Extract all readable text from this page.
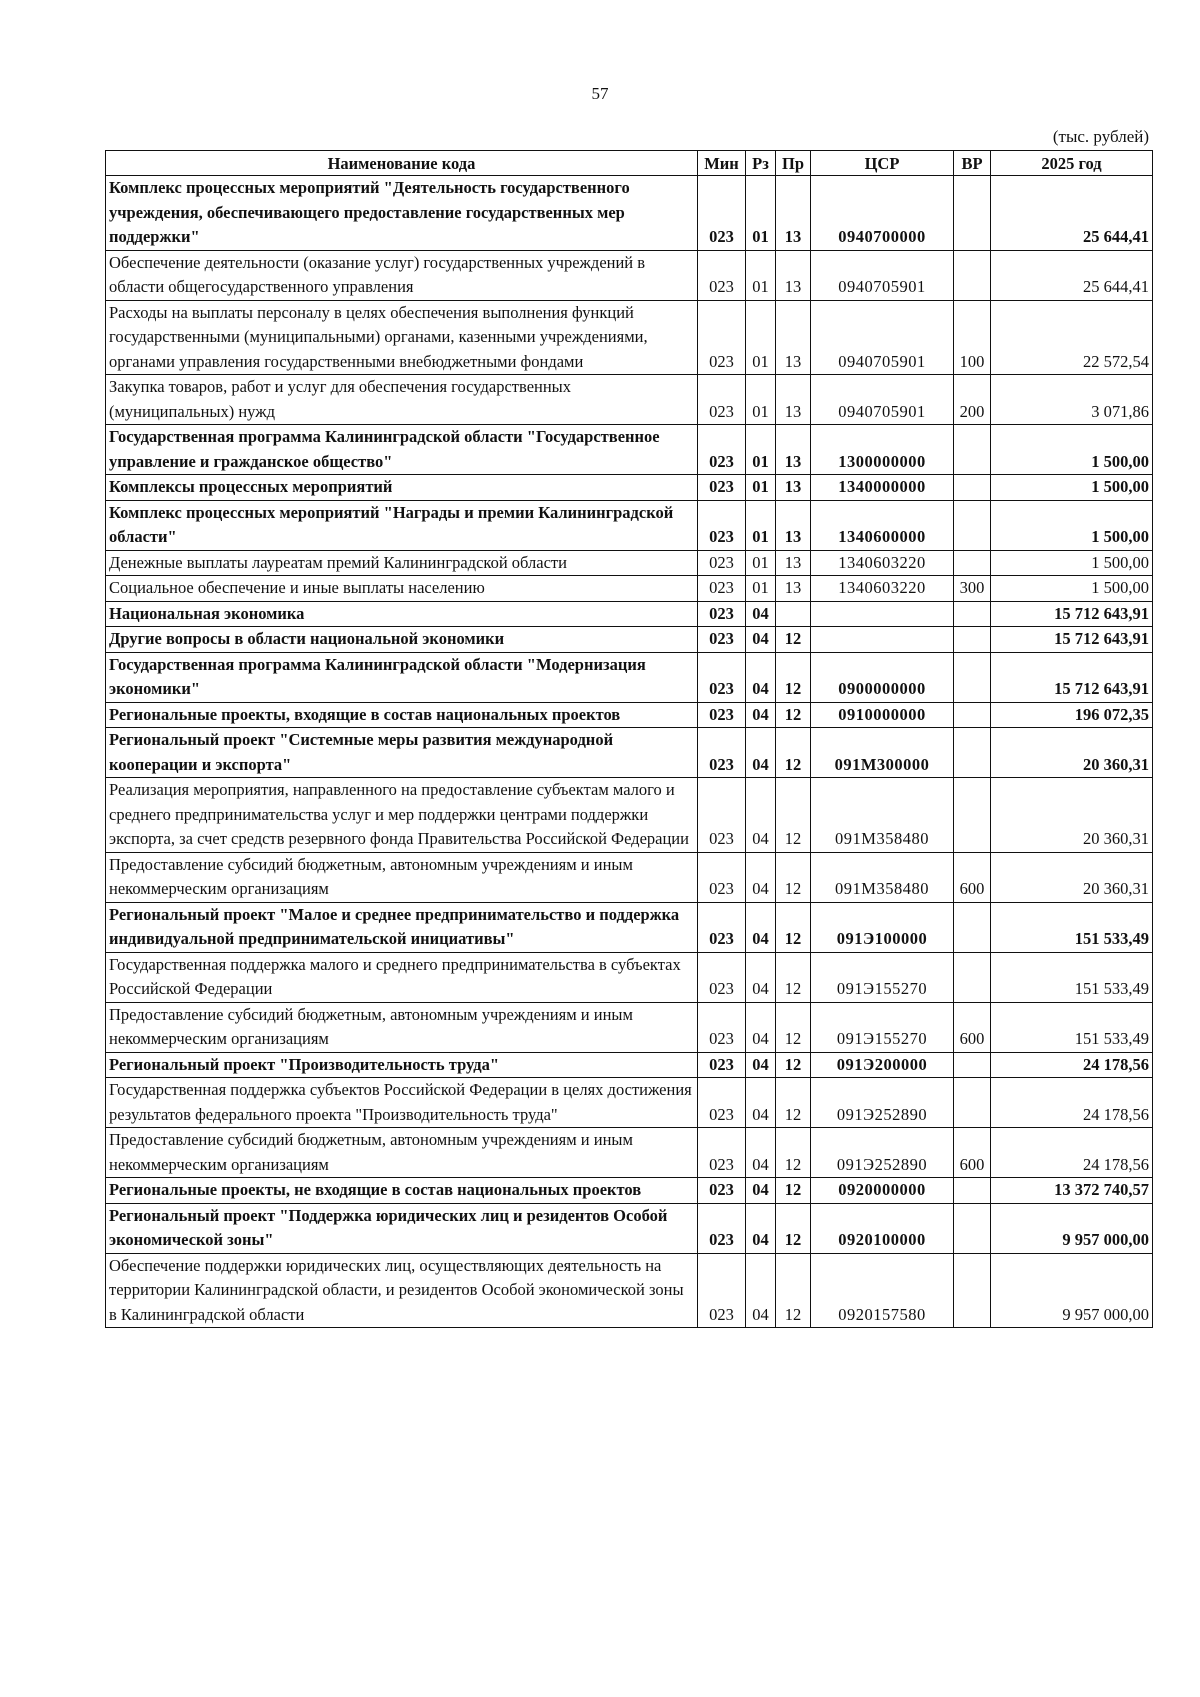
57
(тыс. рублей)
Наименование кода	Мин	Рз	Пр	ЦСР	ВР	2025 год
Комплекс процессных мероприятий "Деятельность государственного учреждения, обеспечивающего предоставление государственных мер поддержки"	023	01	13	0940700000		25 644,41
Обеспечение деятельности (оказание услуг) государственных учреждений в области общегосударственного управления	023	01	13	0940705901		25 644,41
Расходы на выплаты персоналу в целях обеспечения выполнения функций государственными (муниципальными) органами, казенными учреждениями, органами управления государственными внебюджетными фондами	023	01	13	0940705901	100	22 572,54
Закупка товаров, работ и услуг для обеспечения государственных (муниципальных) нужд	023	01	13	0940705901	200	3 071,86
Государственная программа Калининградской области "Государственное управление и гражданское общество"	023	01	13	1300000000		1 500,00
Комплексы процессных мероприятий	023	01	13	1340000000		1 500,00
Комплекс процессных мероприятий "Награды и премии Калининградской области"	023	01	13	1340600000		1 500,00
Денежные выплаты лауреатам премий Калининградской области	023	01	13	1340603220		1 500,00
Социальное обеспечение и иные выплаты населению	023	01	13	1340603220	300	1 500,00
Национальная экономика	023	04				15 712 643,91
Другие вопросы в области национальной экономики	023	04	12			15 712 643,91
Государственная программа Калининградской области "Модернизация экономики"	023	04	12	0900000000		15 712 643,91
Региональные проекты, входящие в состав национальных проектов	023	04	12	0910000000		196 072,35
Региональный проект "Системные меры развития международной кооперации и экспорта"	023	04	12	091М300000		20 360,31
Реализация мероприятия, направленного на предоставление субъектам малого и среднего предпринимательства услуг и мер поддержки центрами поддержки экспорта, за счет средств резервного фонда Правительства Российской Федерации	023	04	12	091М358480		20 360,31
Предоставление субсидий бюджетным, автономным учреждениям и иным некоммерческим организациям	023	04	12	091М358480	600	20 360,31
Региональный проект "Малое и среднее предпринимательство и поддержка индивидуальной предпринимательской инициативы"	023	04	12	091Э100000		151 533,49
Государственная поддержка малого и среднего предпринимательства в субъектах Российской Федерации	023	04	12	091Э155270		151 533,49
Предоставление субсидий бюджетным, автономным учреждениям и иным некоммерческим организациям	023	04	12	091Э155270	600	151 533,49
Региональный проект "Производительность труда"	023	04	12	091Э200000		24 178,56
Государственная поддержка субъектов Российской Федерации в целях достижения результатов федерального проекта "Производительность труда"	023	04	12	091Э252890		24 178,56
Предоставление субсидий бюджетным, автономным учреждениям и иным некоммерческим организациям	023	04	12	091Э252890	600	24 178,56
Региональные проекты, не входящие в состав национальных проектов	023	04	12	0920000000		13 372 740,57
Региональный проект "Поддержка юридических лиц и резидентов Особой экономической зоны"	023	04	12	0920100000		9 957 000,00
Обеспечение поддержки юридических лиц, осуществляющих деятельность на территории Калининградской области, и резидентов Особой экономической зоны в Калининградской области	023	04	12	0920157580		9 957 000,00
